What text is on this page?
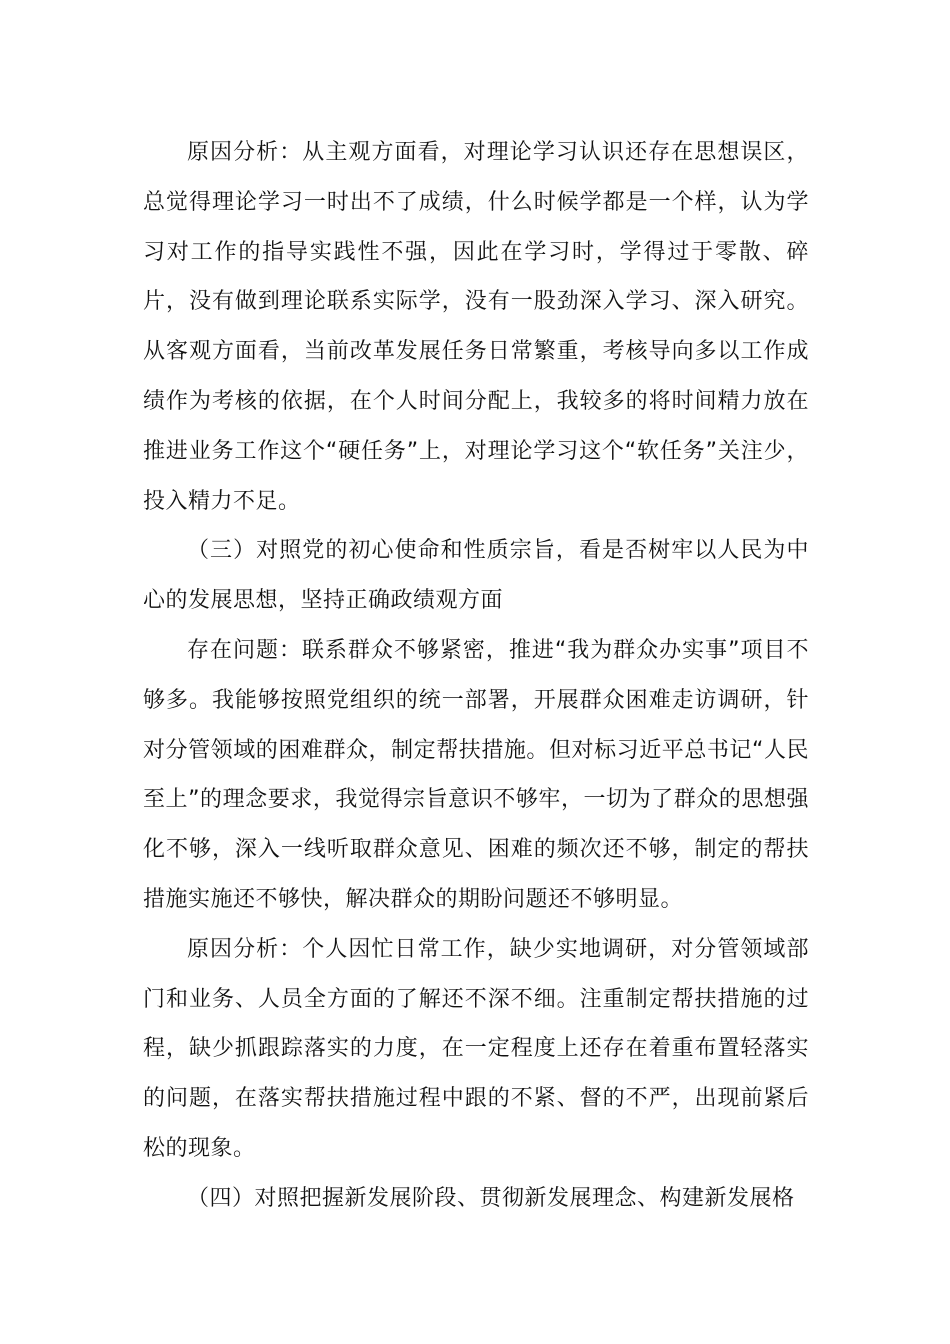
原因分析：从主观方面看，对理论学习认识还存在思想误区，总觉得理论学习一时出不了成绩，什么时候学都是一个样，认为学习对工作的指导实践性不强，因此在学习时，学得过于零散、碎片，没有做到理论联系实际学，没有一股劲深入学习、深入研究。从客观方面看，当前改革发展任务日常繁重，考核导向多以工作成绩作为考核的依据，在个人时间分配上，我较多的将时间精力放在推进业务工作这个“硬任务”上，对理论学习这个“软任务”关注少，投入精力不足。

（三）对照党的初心使命和性质宗旨，看是否树牢以人民为中心的发展思想，坚持正确政绩观方面

存在问题：联系群众不够紧密，推进“我为群众办实事”项目不够多。我能够按照党组织的统一部署，开展群众困难走访调研，针对分管领域的困难群众，制定帮扶措施。但对标习近平总书记“人民至上”的理念要求，我觉得宗旨意识不够牢，一切为了群众的思想强化不够，深入一线听取群众意见、困难的频次还不够，制定的帮扶措施实施还不够快，解决群众的期盼问题还不够明显。

原因分析：个人因忙日常工作，缺少实地调研，对分管领域部门和业务、人员全方面的了解还不深不细。注重制定帮扶措施的过程，缺少抓跟踪落实的力度，在一定程度上还存在着重布置轻落实的问题，在落实帮扶措施过程中跟的不紧、督的不严，出现前紧后松的现象。

（四）对照把握新发展阶段、贯彻新发展理念、构建新发展格
